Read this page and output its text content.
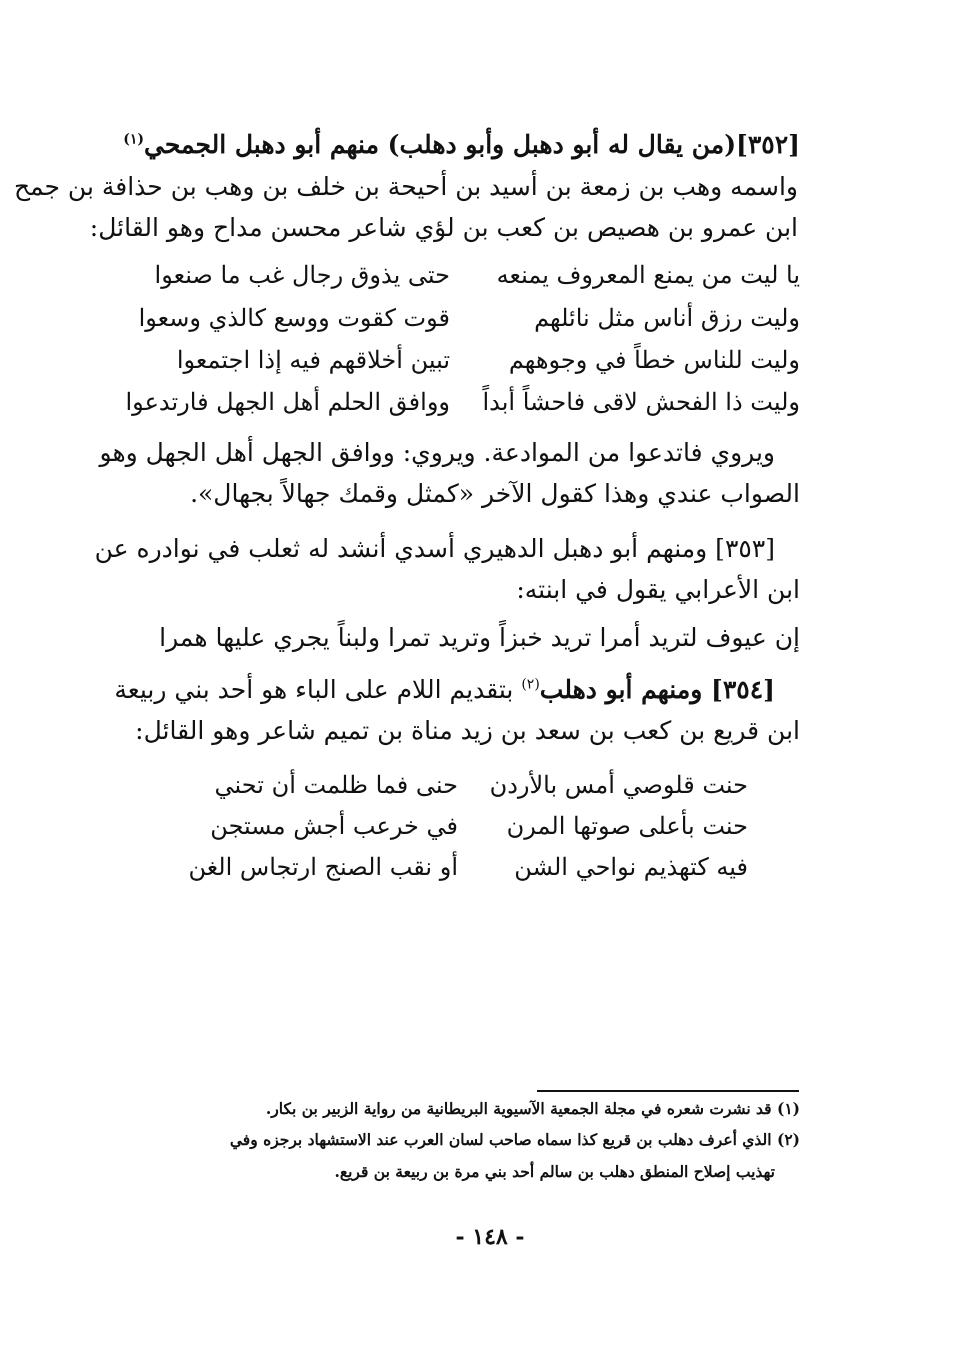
[٣٥٢](من يقال له أبو دهبل وأبو دهلب) منهم أبو دهبل الجمحي$^{(١)}$
واسمه وهب بن زمعة بن أسيد بن أحيحة بن خلف بن وهب بن حذافة بن جمح
ابن عمرو بن هصيص بن كعب بن لؤي شاعر محسن مداح وهو القائل:
يا ليت من يمنع المعروف يمنعه
حتى يذوق رجال غب ما صنعوا
وليت رزق أناس مثل نائلهم
قوت كقوت ووسع كالذي وسعوا
وليت للناس خطاً في وجوههم
تبين أخلاقهم فيه إذا اجتمعوا
وليت ذا الفحش لاقى فاحشاً أبداً
ووافق الحلم أهل الجهل فارتدعوا
ويروي فاتدعوا من الموادعة. ويروي: ووافق الجهل أهل الجهل وهو
الصواب عندي وهذا كقول الآخر «كمثل وقمك جهالاً بجهال».
[٣٥٣] ومنهم أبو دهبل الدهيري أسدي أنشد له ثعلب في نوادره عن
ابن الأعرابي يقول في ابنته:
إن عيوف لتريد أمرا تريد خبزاً وتريد تمرا ولبناً يجري عليها همرا
[٣٥٤] ومنهم أبو دهلب$^{(٢)}$ بتقديم اللام على الباء هو أحد بني ربيعة
ابن قريع بن كعب بن سعد بن زيد مناة بن تميم شاعر وهو القائل:
حنت قلوصي أمس بالأردن
حنى فما ظلمت أن تحني
حنت بأعلى صوتها المرن
في خرعب أجش مستجن
فيه كتهذيم نواحي الشن
أو نقب الصنج ارتجاس الغن
(١) قد نشرت شعره في مجلة الجمعية الآسيوية البريطانية من رواية الزبير بن بكار.
(٢) الذي أعرف دهلب بن قريع كذا سماه صاحب لسان العرب عند الاستشهاد برجزه وفي
تهذيب إصلاح المنطق دهلب بن سالم أحد بني مرة بن ربيعة بن قريع.
- ١٤٨ -
